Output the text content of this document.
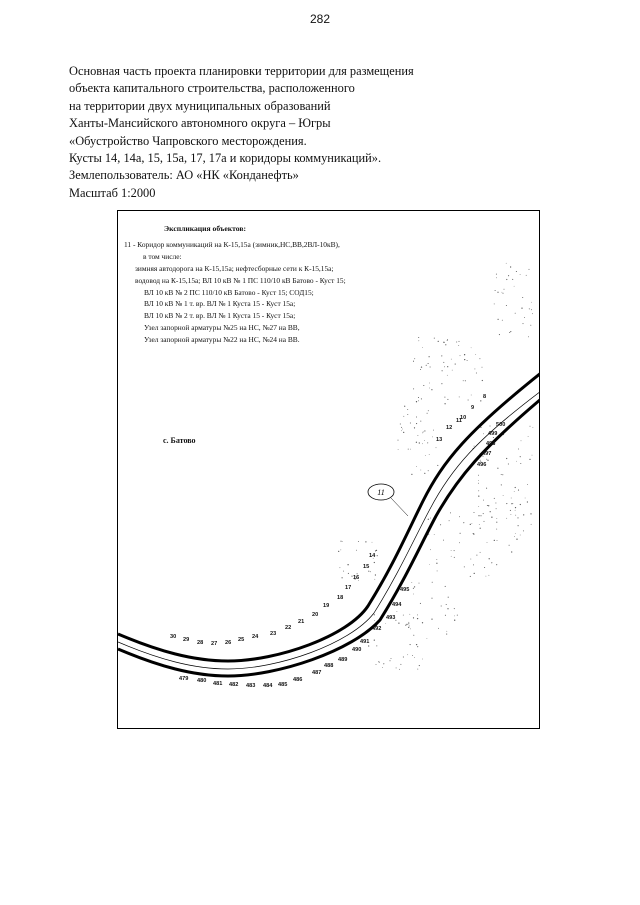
282
Основная часть проекта планировки территории для размещения
объекта капитального строительства, расположенного
на территории двух муниципальных образований
Ханты-Мансийского автономного округа – Югры
«Обустройство Чапровского месторождения.
Кусты 14, 14а, 15, 15а, 17, 17а и коридоры коммуникаций».
Землепользователь: АО «НК «Конданефть»
Масштаб 1:2000
11
8
9
10
11
12
13
14
15
16
17
18
19
20
21
22
23
24
25
26
27
28
29
30
500
499
498
497
496
495
494
493
492
491
490
489
488
487
486
485
484
483
482
481
480
479
Экспликация объектов:
11 - Коридор коммуникаций на К-15,15а (зимник,НС,ВВ,2ВЛ-10кВ),
в том числе:
зимняя автодорога на К-15,15а; нефтесборные сети к К-15,15а;
водовод на К-15,15а; ВЛ 10 кВ № 1 ПС 110/10 кВ Батово - Куст 15;
ВЛ 10 кВ № 2 ПС 110/10 кВ Батово - Куст 15; СОД15;
ВЛ 10 кВ № 1 т. вр. ВЛ № 1 Куста 15 - Куст 15а;
ВЛ 10 кВ № 2 т. вр. ВЛ № 1 Куста 15 - Куст 15а;
Узел запорной арматуры №25 на НС, №27 на ВВ,
Узел запорной арматуры №22 на НС, №24 на ВВ.
с. Батово
